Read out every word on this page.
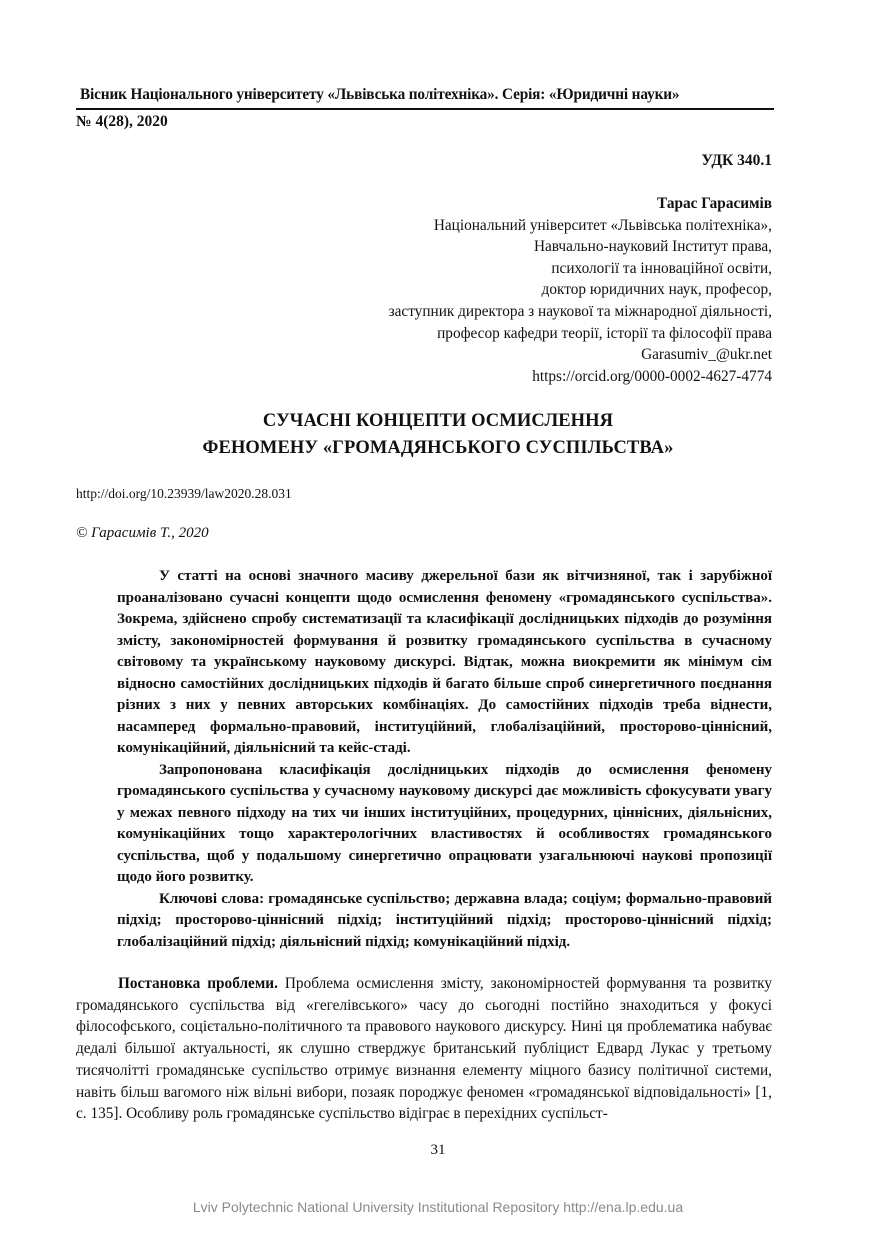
Вісник Національного університету «Львівська політехніка». Серія: «Юридичні науки»
№ 4(28), 2020
УДК 340.1
Тарас Гарасимів
Національний університет «Львівська політехніка»,
Навчально-науковий Інститут права,
психології та інноваційної освіти,
доктор юридичних наук, професор,
заступник директора з наукової та міжнародної діяльності,
професор кафедри теорії, історії та філософії права
Garasumiv_@ukr.net
https://orcid.org/0000-0002-4627-4774
СУЧАСНІ КОНЦЕПТИ ОСМИСЛЕННЯ
ФЕНОМЕНУ «ГРОМАДЯНСЬКОГО СУСПІЛЬСТВА»
http://doi.org/10.23939/law2020.28.031
© Гарасимів Т., 2020

У статті на основі значного масиву джерельної бази як вітчизняної, так і зарубіжної проаналізовано сучасні концепти щодо осмислення феномену «громадянського суспільства». Зокрема, здійснено спробу систематизації та класифікації дослідницьких підходів до розуміння змісту, закономірностей формування й розвитку громадянського суспільства в сучасному світовому та українському науковому дискурсі. Відтак, можна виокремити як мінімум сім відносно самостійних дослідницьких підходів й багато більше спроб синергетичного поєднання різних з них у певних авторських комбінаціях. До самостійних підходів треба віднести, насамперед формально-правовий, інституційний, глобалізаційний, просторово-ціннісний, комунікаційний, діяльнісний та кейс-стаді.

Запропонована класифікація дослідницьких підходів до осмислення феномену громадянського суспільства у сучасному науковому дискурсі дає можливість сфокусувати увагу у межах певного підходу на тих чи інших інституційних, процедурних, ціннісних, діяльнісних, комунікаційних тощо характерологічних властивостях й особливостях громадянського суспільства, щоб у подальшому синергетично опрацювати узагальнюючі наукові пропозиції щодо його розвитку.

Ключові слова: громадянське суспільство; державна влада; соціум; формально-правовий підхід; просторово-ціннісний підхід; інституційний підхід; просторово-ціннісний підхід; глобалізаційний підхід; діяльнісний підхід; комунікаційний підхід.

Постановка проблеми. Проблема осмислення змісту, закономірностей формування та розвитку громадянського суспільства від «гегелівського» часу до сьогодні постійно знаходиться у фокусі філософського, соцієтально-політичного та правового наукового дискурсу. Нині ця проблематика набуває дедалі більшої актуальності, як слушно стверджує британський публіцист Едвард Лукас у третьому тисячолітті громадянське суспільство отримує визнання елементу міцного базису політичної системи, навіть більш вагомого ніж вільні вибори, позаяк породжує феномен «громадянської відповідальності» [1, с. 135]. Особливу роль громадянське суспільство відіграє в перехідних суспільст-

31
Lviv Polytechnic National University Institutional Repository http://ena.lp.edu.ua
